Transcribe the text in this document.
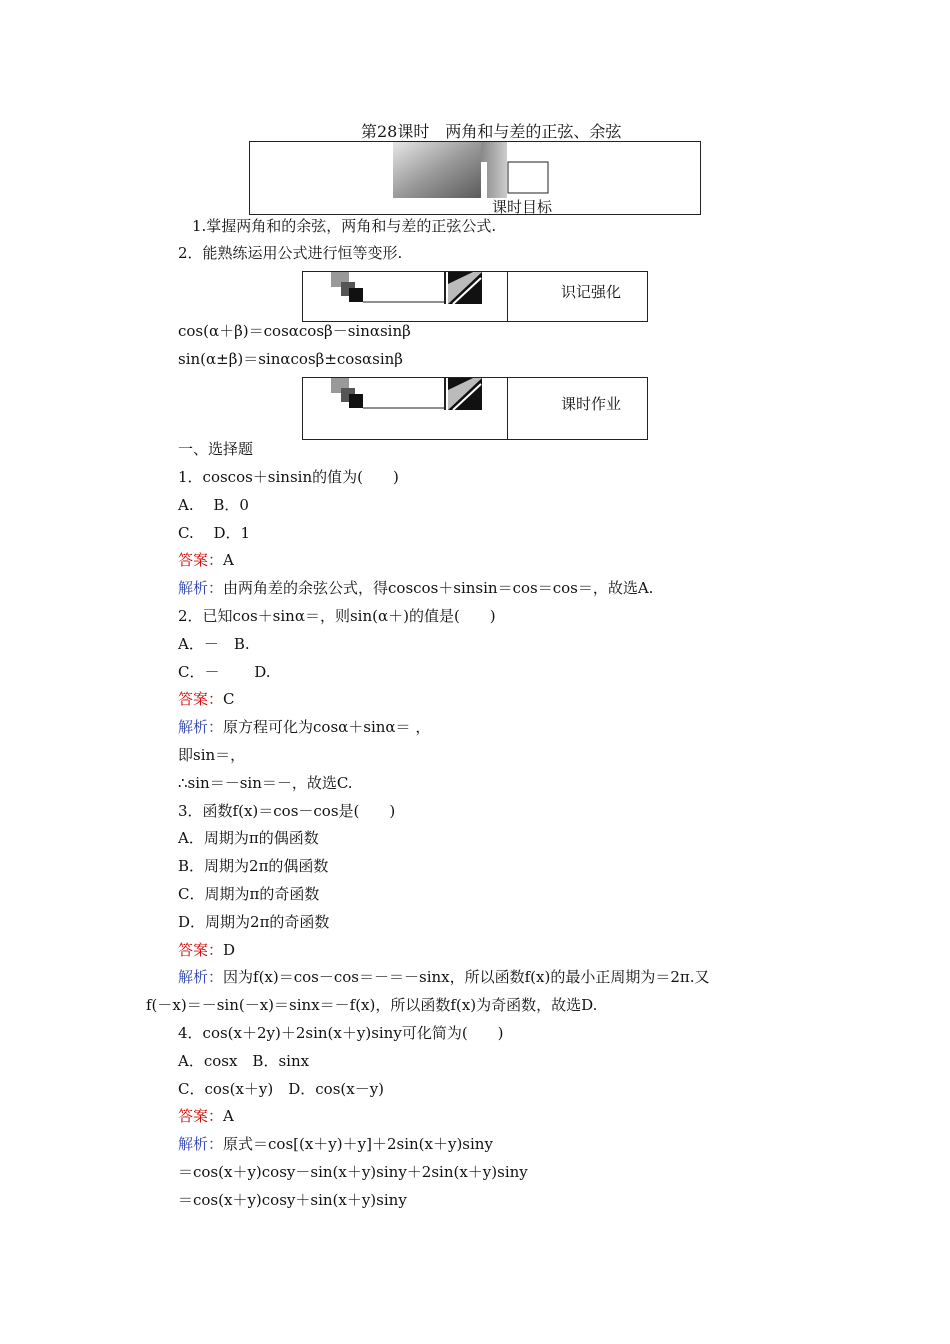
第28课时　两角和与差的正弦、余弦
课时目标
1.掌握两角和的余弦，两角和与差的正弦公式.
2．能熟练运用公式进行恒等变形.
识记强化
cos(α＋β)＝cosαcosβ－sinαsinβ
sin(α±β)＝sinαcosβ±cosαsinβ
课时作业
一、选择题
1．coscos＋sinsin的值为(　　)
A.　 B．0
C.　 D．1
答案：A
解析：由两角差的余弦公式，得coscos＋sinsin＝cos＝cos＝，故选A.
2．已知cos＋sinα＝，则sin(α＋)的值是(　　)
A．－　B.
C．－　　 D.
答案：C
解析：原方程可化为cosα＋sinα＝ ，
即sin＝，
∴sin＝－sin＝－，故选C.
3．函数f(x)＝cos－cos是(　　)
A．周期为π的偶函数
B．周期为2π的偶函数
C．周期为π的奇函数
D．周期为2π的奇函数
答案：D
解析：因为f(x)＝cos－cos＝－＝－sinx，所以函数f(x)的最小正周期为＝2π.又
f(－x)＝－sin(－x)＝sinx＝－f(x)，所以函数f(x)为奇函数，故选D.
4．cos(x＋2y)＋2sin(x＋y)siny可化简为(　　)
A．cosx　B．sinx
C．cos(x＋y)　D．cos(x－y)
答案：A
解析：原式＝cos[(x＋y)＋y]＋2sin(x＋y)siny
＝cos(x＋y)cosy－sin(x＋y)siny＋2sin(x＋y)siny
＝cos(x＋y)cosy＋sin(x＋y)siny
